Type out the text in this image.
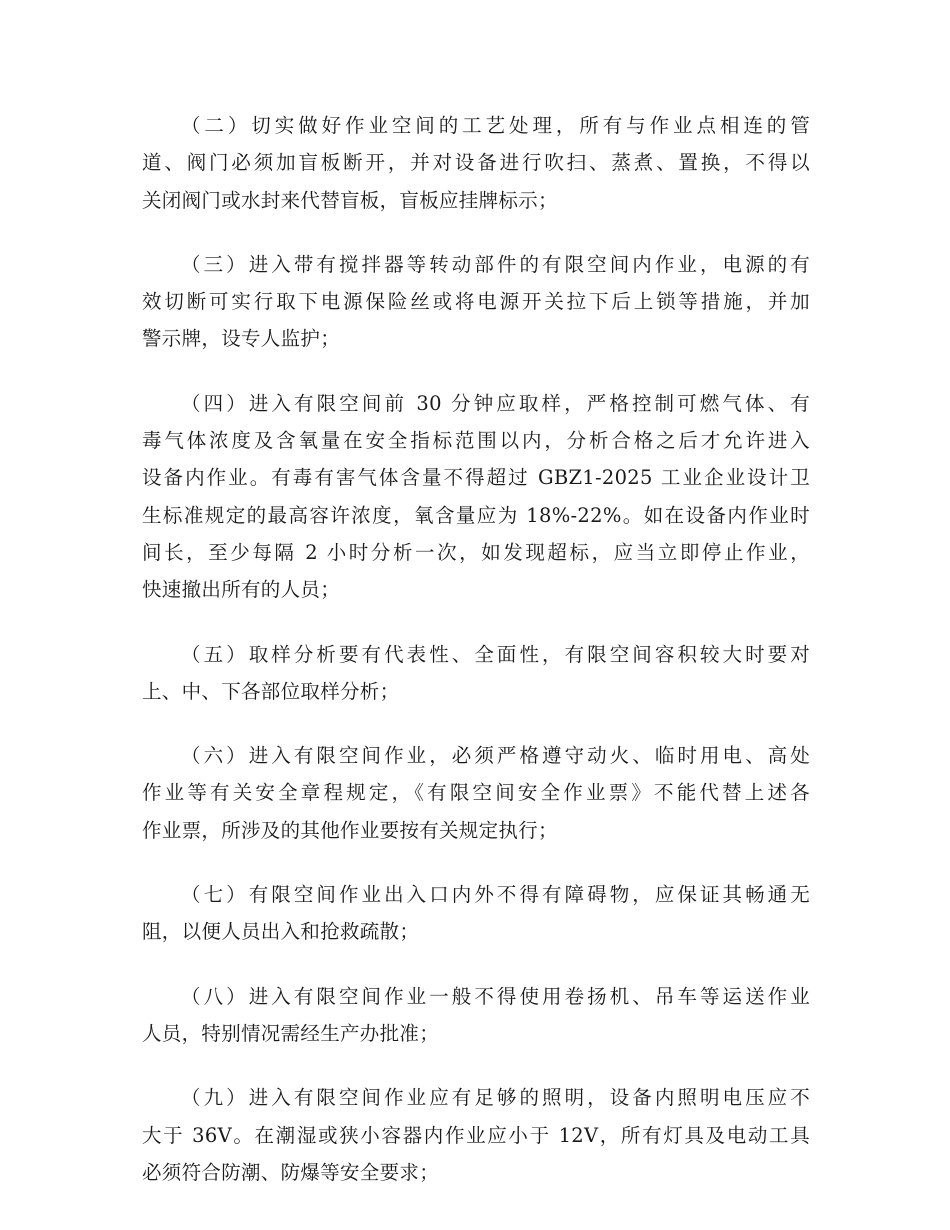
（二）切实做好作业空间的工艺处理，所有与作业点相连的管
道、阀门必须加盲板断开，并对设备进行吹扫、蒸煮、置换，不得以
关闭阀门或水封来代替盲板，盲板应挂牌标示；

（三）进入带有搅拌器等转动部件的有限空间内作业，电源的有
效切断可实行取下电源保险丝或将电源开关拉下后上锁等措施，并加
警示牌，设专人监护；

（四）进入有限空间前 30 分钟应取样，严格控制可燃气体、有
毒气体浓度及含氧量在安全指标范围以内，分析合格之后才允许进入
设备内作业。有毒有害气体含量不得超过 GBZ1-2025 工业企业设计卫
生标准规定的最高容许浓度，氧含量应为 18%-22%。如在设备内作业时
间长，至少每隔 2 小时分析一次，如发现超标，应当立即停止作业，
快速撤出所有的人员；

（五）取样分析要有代表性、全面性，有限空间容积较大时要对
上、中、下各部位取样分析；

（六）进入有限空间作业，必须严格遵守动火、临时用电、高处
作业等有关安全章程规定，《有限空间安全作业票》不能代替上述各
作业票，所涉及的其他作业要按有关规定执行；

（七）有限空间作业出入口内外不得有障碍物，应保证其畅通无
阻，以便人员出入和抢救疏散；

（八）进入有限空间作业一般不得使用卷扬机、吊车等运送作业
人员，特别情况需经生产办批准；

（九）进入有限空间作业应有足够的照明，设备内照明电压应不
大于 36V。在潮湿或狭小容器内作业应小于 12V，所有灯具及电动工具
必须符合防潮、防爆等安全要求；
